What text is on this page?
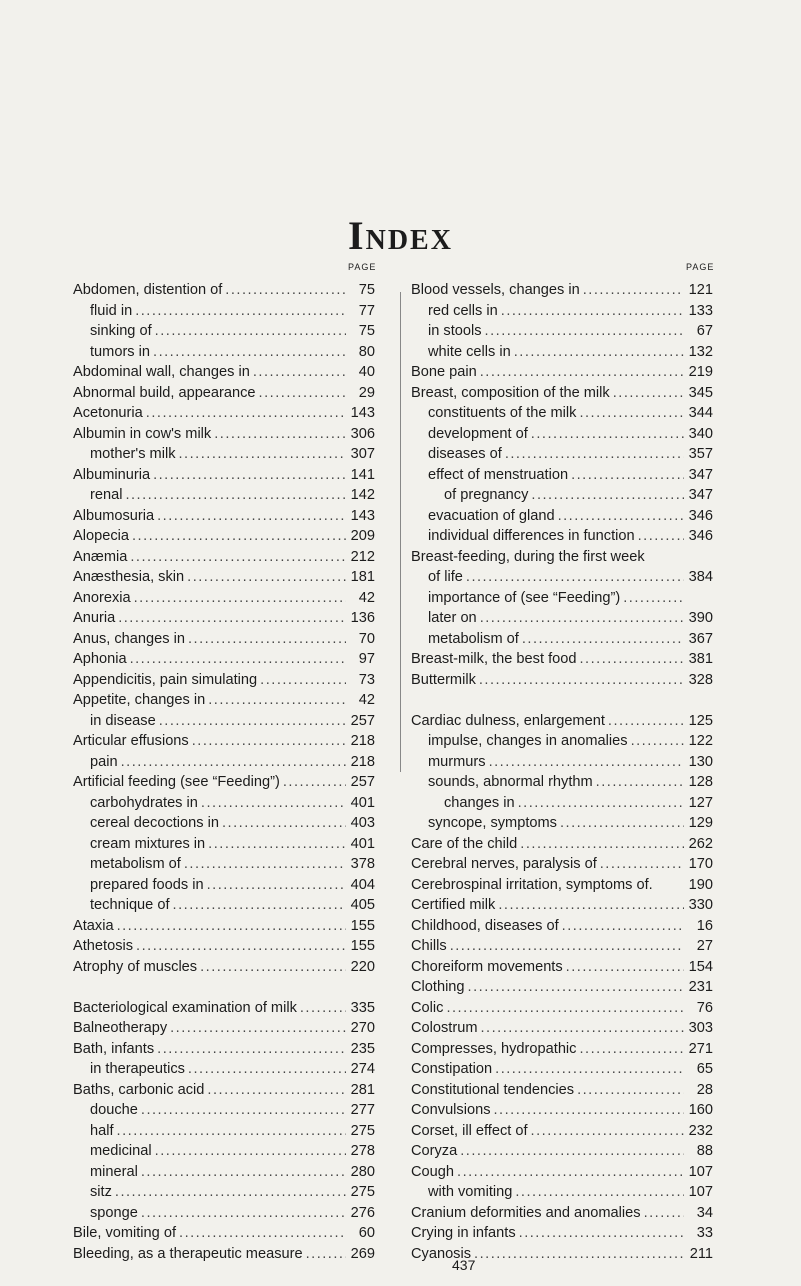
Index
PAGE	PAGE
Abdomen, distention of .....	75
fluid in .....	77
sinking of .....	75
tumors in .....	80
Abdominal wall, changes in .....	40
Abnormal build, appearance .....	29
Acetonuria .....	143
Albumin in cow's milk .....	306
mother's milk .....	307
Albuminuria .....	141
renal .....	142
Albumosuria .....	143
Alopecia .....	209
Anæmia .....	212
Anæsthesia, skin .....	181
Anorexia .....	42
Anuria .....	136
Anus, changes in .....	70
Aphonia .....	97
Appendicitis, pain simulating .....	73
Appetite, changes in .....	42
in disease .....	257
Articular effusions .....	218
pain .....	218
Artificial feeding (see “Feeding”) .....	257
carbohydrates in .....	401
cereal decoctions in .....	403
cream mixtures in .....	401
metabolism of .....	378
prepared foods in .....	404
technique of .....	405
Ataxia .....	155
Athetosis .....	155
Atrophy of muscles .....	220
Bacteriological examination of milk .....	335
Balneotherapy .....	270
Bath, infants .....	235
in therapeutics .....	274
Baths, carbonic acid .....	281
douche .....	277
half .....	275
medicinal .....	278
mineral .....	280
sitz .....	275
sponge .....	276
Bile, vomiting of .....	60
Bleeding, as a therapeutic measure .....	269
Blood vessels, changes in .....	121
red cells in .....	133
in stools .....	67
white cells in .....	132
Bone pain .....	219
Breast, composition of the milk .....	345
constituents of the milk .....	344
development of .....	340
diseases of .....	357
effect of menstruation .....	347
of pregnancy .....	347
evacuation of gland .....	346
individual differences in function .....	346
Breast-feeding, during the first week
of life .....	384
importance of (see “Feeding”)
.....
later on .....	390
metabolism of .....	367
Breast-milk, the best food .....	381
Buttermilk .....	328
Cardiac dulness, enlargement .....	125
impulse, changes in anomalies .....	122
murmurs .....	130
sounds, abnormal rhythm .....	128
changes in .....	127
syncope, symptoms .....	129
Care of the child .....	262
Cerebral nerves, paralysis of .....	170
Cerebrospinal irritation, symptoms of. 190
Certified milk .....	330
Childhood, diseases of .....	16
Chills .....	27
Choreiform movements .....	154
Clothing .....	231
Colic .....	76
Colostrum .....	303
Compresses, hydropathic .....	271
Constipation .....	65
Constitutional tendencies .....	28
Convulsions .....	160
Corset, ill effect of .....	232
Coryza .....	88
Cough .....	107
with vomiting .....	107
Cranium deformities and anomalies .....	34
Crying in infants .....	33
Cyanosis .....	211
437
